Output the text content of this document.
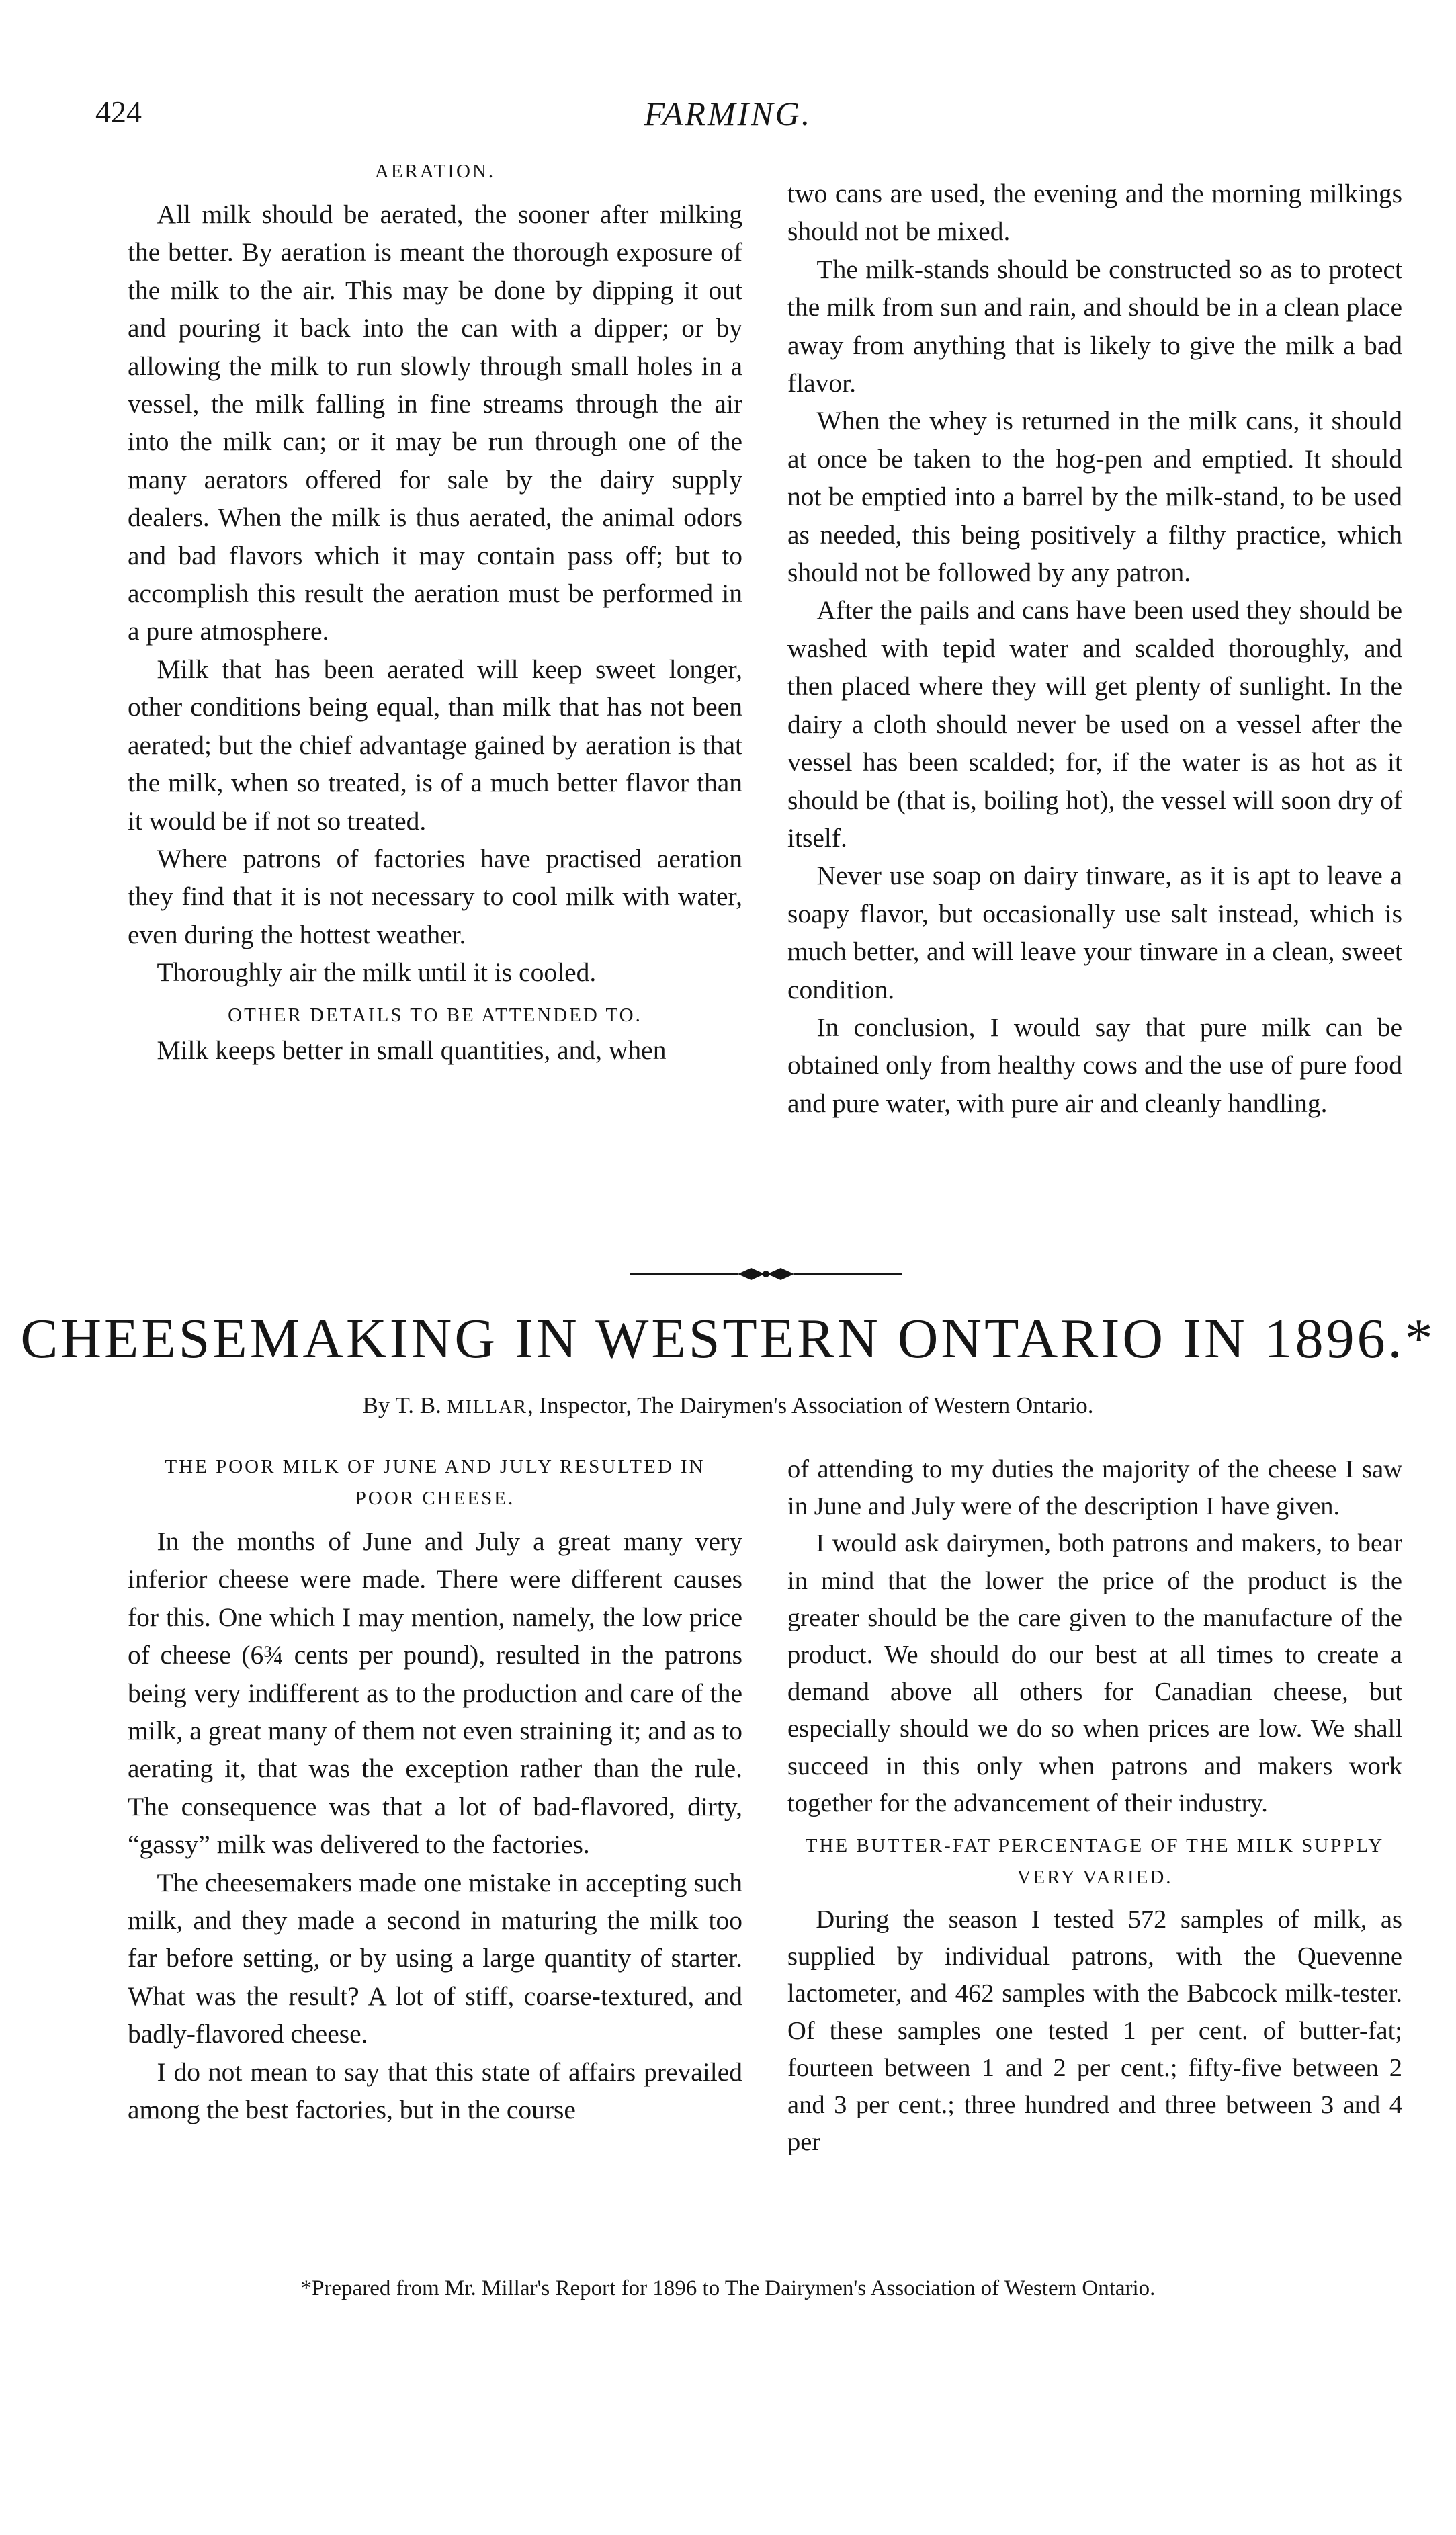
424	FARMING.
AERATION.

All milk should be aerated, the sooner after milking the better. By aeration is meant the thorough exposure of the milk to the air. This may be done by dipping it out and pouring it back into the can with a dipper; or by allowing the milk to run slowly through small holes in a vessel, the milk falling in fine streams through the air into the milk can; or it may be run through one of the many aerators offered for sale by the dairy supply dealers. When the milk is thus aerated, the animal odors and bad flavors which it may contain pass off; but to accomplish this result the aeration must be performed in a pure atmosphere.

Milk that has been aerated will keep sweet longer, other conditions being equal, than milk that has not been aerated; but the chief advantage gained by aeration is that the milk, when so treated, is of a much better flavor than it would be if not so treated.

Where patrons of factories have practised aeration they find that it is not necessary to cool milk with water, even during the hottest weather.

Thoroughly air the milk until it is cooled.

OTHER DETAILS TO BE ATTENDED TO.

Milk keeps better in small quantities, and, when

two cans are used, the evening and the morning milkings should not be mixed.

The milk-stands should be constructed so as to protect the milk from sun and rain, and should be in a clean place away from anything that is likely to give the milk a bad flavor.

When the whey is returned in the milk cans, it should at once be taken to the hog-pen and emptied. It should not be emptied into a barrel by the milk-stand, to be used as needed, this being positively a filthy practice, which should not be followed by any patron.

After the pails and cans have been used they should be washed with tepid water and scalded thoroughly, and then placed where they will get plenty of sunlight. In the dairy a cloth should never be used on a vessel after the vessel has been scalded; for, if the water is as hot as it should be (that is, boiling hot), the vessel will soon dry of itself.

Never use soap on dairy tinware, as it is apt to leave a soapy flavor, but occasionally use salt instead, which is much better, and will leave your tinware in a clean, sweet condition.

In conclusion, I would say that pure milk can be obtained only from healthy cows and the use of pure food and pure water, with pure air and cleanly handling.

CHEESEMAKING IN WESTERN ONTARIO IN 1896.*
By T. B. MILLAR, Inspector, The Dairymen's Association of Western Ontario.
THE POOR MILK OF JUNE AND JULY RESULTED IN POOR CHEESE.

In the months of June and July a great many very inferior cheese were made. There were different causes for this. One which I may mention, namely, the low price of cheese (6¾ cents per pound), resulted in the patrons being very indifferent as to the production and care of the milk, a great many of them not even straining it; and as to aerating it, that was the exception rather than the rule. The consequence was that a lot of bad-flavored, dirty, “gassy” milk was delivered to the factories.

The cheesemakers made one mistake in accepting such milk, and they made a second in maturing the milk too far before setting, or by using a large quantity of starter. What was the result? A lot of stiff, coarse-textured, and badly-flavored cheese.

I do not mean to say that this state of affairs prevailed among the best factories, but in the course

of attending to my duties the majority of the cheese I saw in June and July were of the description I have given.

I would ask dairymen, both patrons and makers, to bear in mind that the lower the price of the product is the greater should be the care given to the manufacture of the product. We should do our best at all times to create a demand above all others for Canadian cheese, but especially should we do so when prices are low. We shall succeed in this only when patrons and makers work together for the advancement of their industry.

THE BUTTER-FAT PERCENTAGE OF THE MILK SUPPLY VERY VARIED.

During the season I tested 572 samples of milk, as supplied by individual patrons, with the Quevenne lactometer, and 462 samples with the Babcock milk-tester. Of these samples one tested 1 per cent. of butter-fat; fourteen between 1 and 2 per cent.; fifty-five between 2 and 3 per cent.; three hundred and three between 3 and 4 per

*Prepared from Mr. Millar's Report for 1896 to The Dairymen's Association of Western Ontario.
